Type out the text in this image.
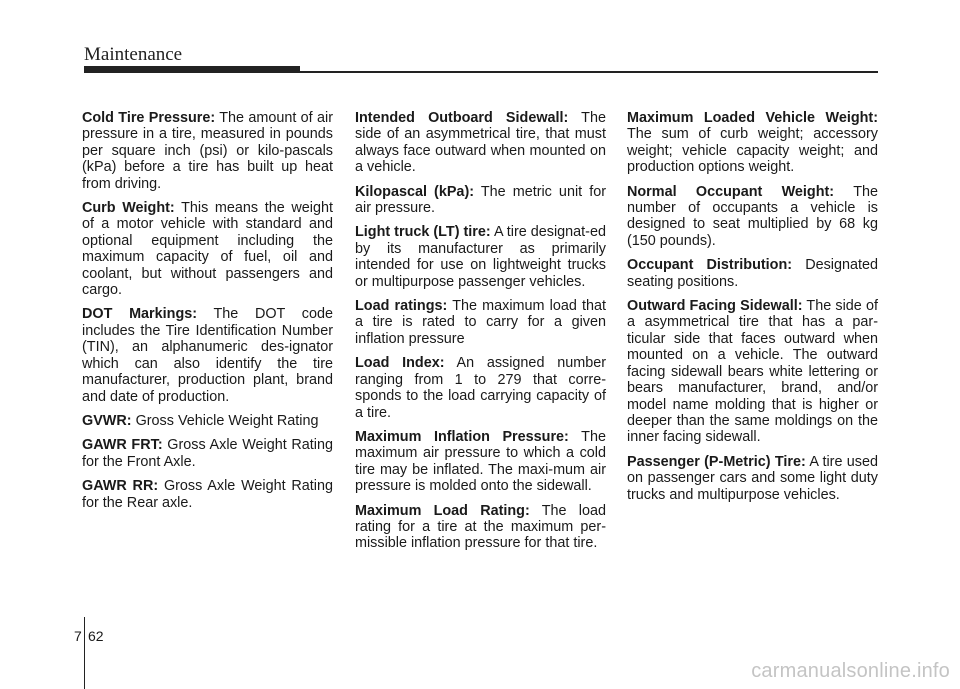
Maintenance

Cold Tire Pressure: The amount of air pressure in a tire, measured in pounds per square inch (psi) or kilo-pascals (kPa) before a tire has built up heat from driving.

Curb Weight: This means the weight of a motor vehicle with standard and optional equipment including the maximum capacity of fuel, oil and coolant, but without passengers and cargo.

DOT Markings: The DOT code includes the Tire Identification Number (TIN), an alphanumeric des-ignator which can also identify the tire manufacturer, production plant, brand and date of production.

GVWR: Gross Vehicle Weight Rating

GAWR FRT: Gross Axle Weight Rating for the Front Axle.

GAWR RR: Gross Axle Weight Rating for the Rear axle.

Intended Outboard Sidewall: The side of an asymmetrical tire, that must always face outward when mounted on a vehicle.

Kilopascal (kPa): The metric unit for air pressure.

Light truck (LT) tire: A tire designat-ed by its manufacturer as primarily intended for use on lightweight trucks or multipurpose passenger vehicles.

Load ratings: The maximum load that a tire is rated to carry for a given inflation pressure

Load Index: An assigned number ranging from 1 to 279 that corre-sponds to the load carrying capacity of a tire.

Maximum Inflation Pressure: The maximum air pressure to which a cold tire may be inflated. The maxi-mum air pressure is molded onto the sidewall.

Maximum Load Rating: The load rating for a tire at the maximum per-missible inflation pressure for that tire.

Maximum Loaded Vehicle Weight: The sum of curb weight; accessory weight; vehicle capacity weight; and production options weight.

Normal Occupant Weight: The number of occupants a vehicle is designed to seat multiplied by 68 kg (150 pounds).

Occupant Distribution: Designated seating positions.

Outward Facing Sidewall: The side of a asymmetrical tire that has a par-ticular side that faces outward when mounted on a vehicle. The outward facing sidewall bears white lettering or bears manufacturer, brand, and/or model name molding that is higher or deeper than the same moldings on the inner facing sidewall.

Passenger (P-Metric) Tire: A tire used on passenger cars and some light duty trucks and multipurpose vehicles.

7 62
carmanualsonline.info
